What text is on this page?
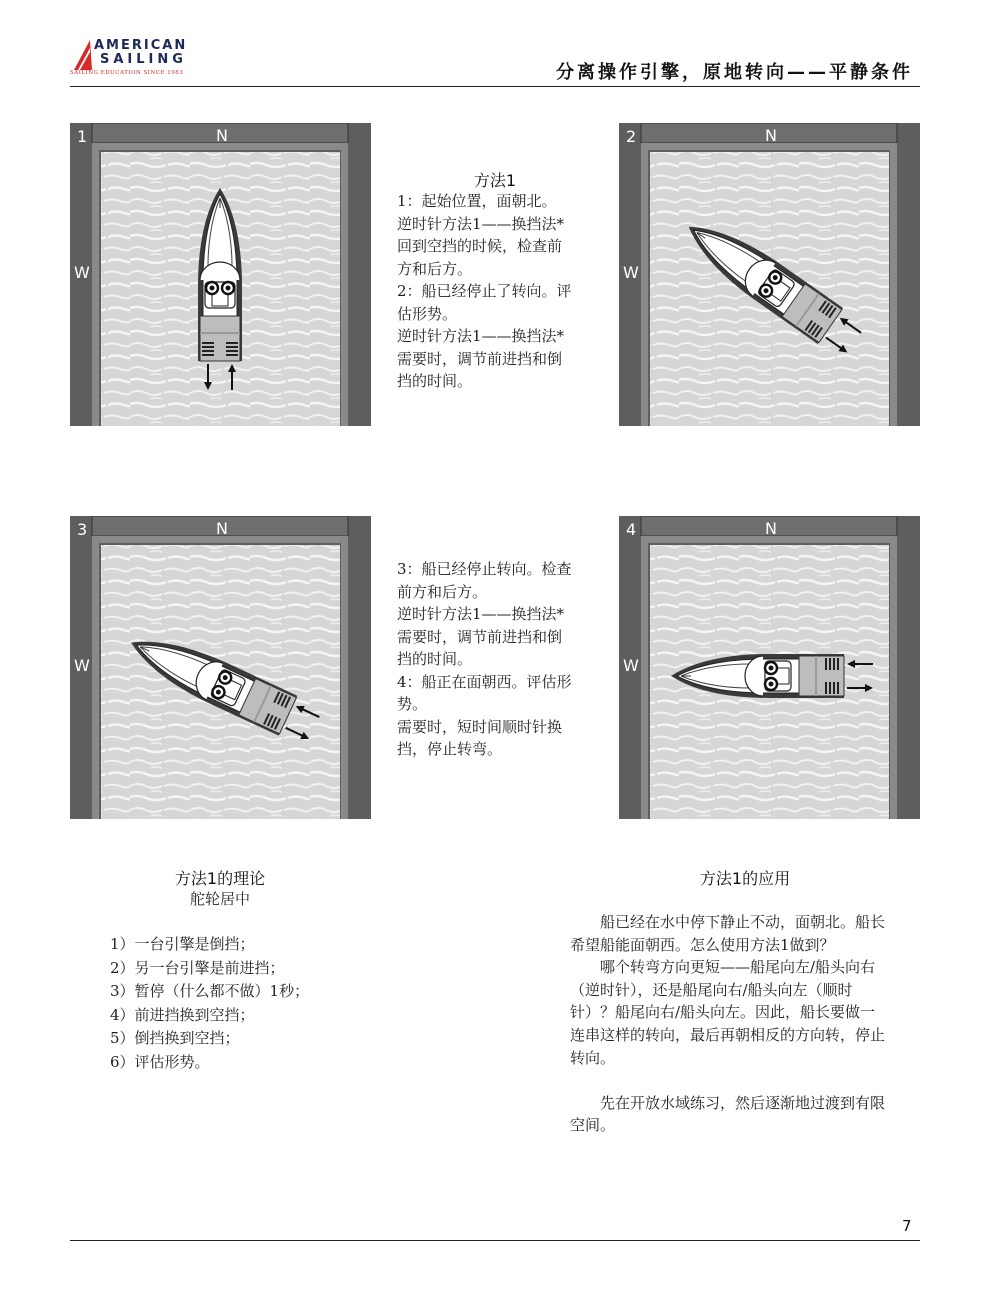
AMERICAN
SAILING
SAILING EDUCATION SINCE 1983	分离操作引擎，原地转向——平静条件
1	N
W
2	N
W
3	N
W
4	N
W
方法1
1：起始位置，面朝北。
逆时针方法1——换挡法*
回到空挡的时候，检查前
方和后方。
2：船已经停止了转向。评
估形势。
逆时针方法1——换挡法*
需要时，调节前进挡和倒
挡的时间。
3：船已经停止转向。检查
前方和后方。
逆时针方法1——换挡法*
需要时，调节前进挡和倒
挡的时间。
4：船正在面朝西。评估形
势。
需要时，短时间顺时针换
挡，停止转弯。
方法1的理论
舵轮居中
1）一台引擎是倒挡；
2）另一台引擎是前进挡；
3）暂停（什么都不做）1秒；
4）前进挡换到空挡；
5）倒挡换到空挡；
6）评估形势。
方法1的应用
　　船已经在水中停下静止不动，面朝北。船长
希望船能面朝西。怎么使用方法1做到？
　　哪个转弯方向更短——船尾向左/船头向右
（逆时针），还是船尾向右/船头向左（顺时
针）？船尾向右/船头向左。因此，船长要做一
连串这样的转向，最后再朝相反的方向转，停止
转向。
　　先在开放水域练习，然后逐渐地过渡到有限
空间。
7
